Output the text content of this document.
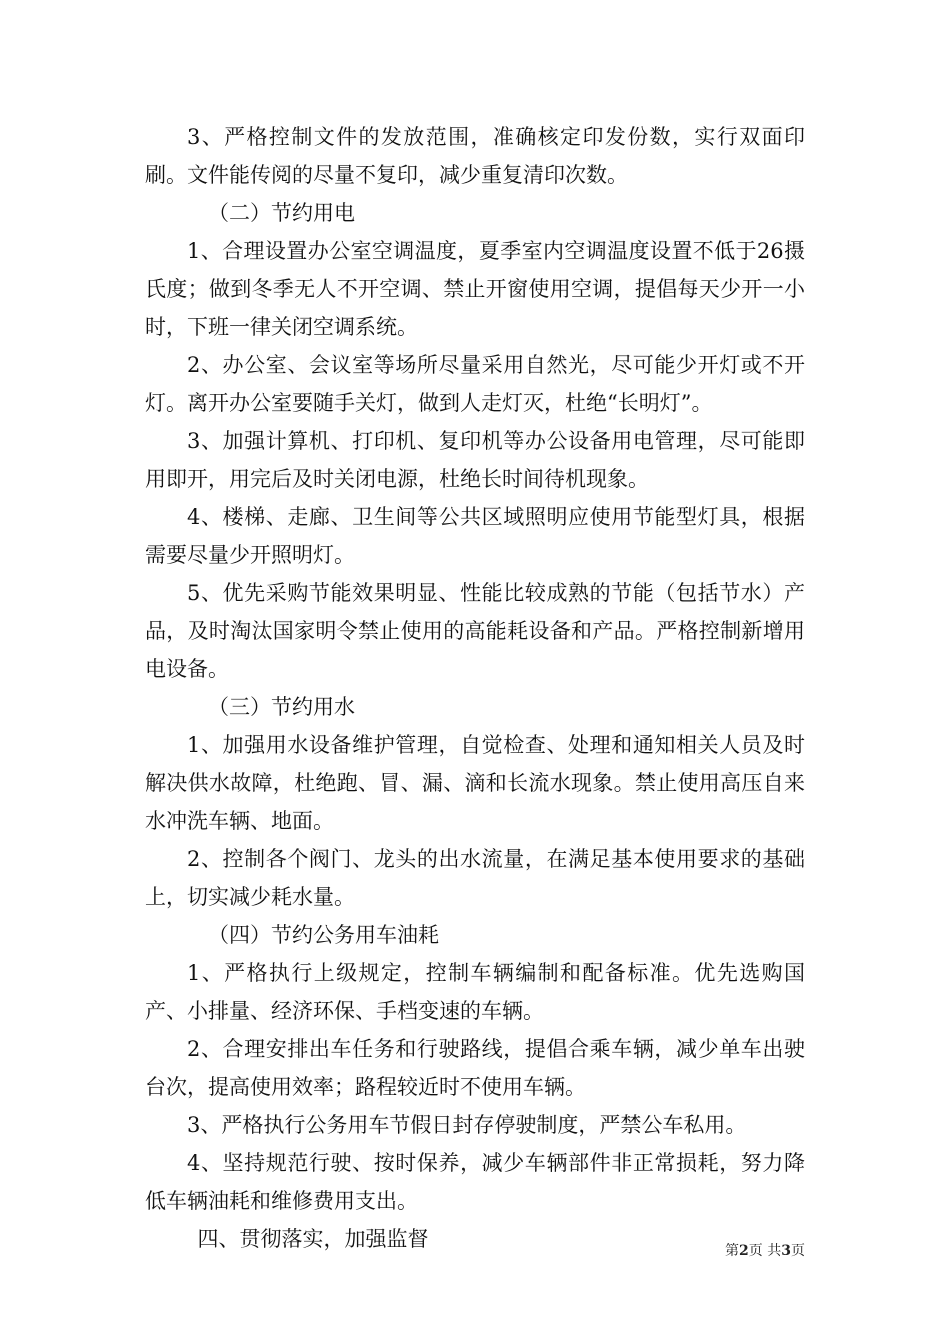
3、严格控制文件的发放范围，准确核定印发份数，实行双面印刷。文件能传阅的尽量不复印，减少重复清印次数。

（二）节约用电

1、合理设置办公室空调温度，夏季室内空调温度设置不低于26摄氏度；做到冬季无人不开空调、禁止开窗使用空调，提倡每天少开一小时，下班一律关闭空调系统。

2、办公室、会议室等场所尽量采用自然光，尽可能少开灯或不开灯。离开办公室要随手关灯，做到人走灯灭，杜绝“长明灯”。

3、加强计算机、打印机、复印机等办公设备用电管理，尽可能即用即开，用完后及时关闭电源，杜绝长时间待机现象。

4、楼梯、走廊、卫生间等公共区域照明应使用节能型灯具，根据需要尽量少开照明灯。

5、优先采购节能效果明显、性能比较成熟的节能（包括节水）产品，及时淘汰国家明令禁止使用的高能耗设备和产品。严格控制新增用电设备。

（三）节约用水

1、加强用水设备维护管理，自觉检查、处理和通知相关人员及时解决供水故障，杜绝跑、冒、漏、滴和长流水现象。禁止使用高压自来水冲洗车辆、地面。

2、控制各个阀门、龙头的出水流量，在满足基本使用要求的基础上，切实减少耗水量。

（四）节约公务用车油耗

1、严格执行上级规定，控制车辆编制和配备标准。优先选购国产、小排量、经济环保、手档变速的车辆。

2、合理安排出车任务和行驶路线，提倡合乘车辆，减少单车出驶台次，提高使用效率；路程较近时不使用车辆。

3、严格执行公务用车节假日封存停驶制度，严禁公车私用。

4、坚持规范行驶、按时保养，减少车辆部件非正常损耗，努力降低车辆油耗和维修费用支出。

四、贯彻落实，加强监督	第2页 共3页
